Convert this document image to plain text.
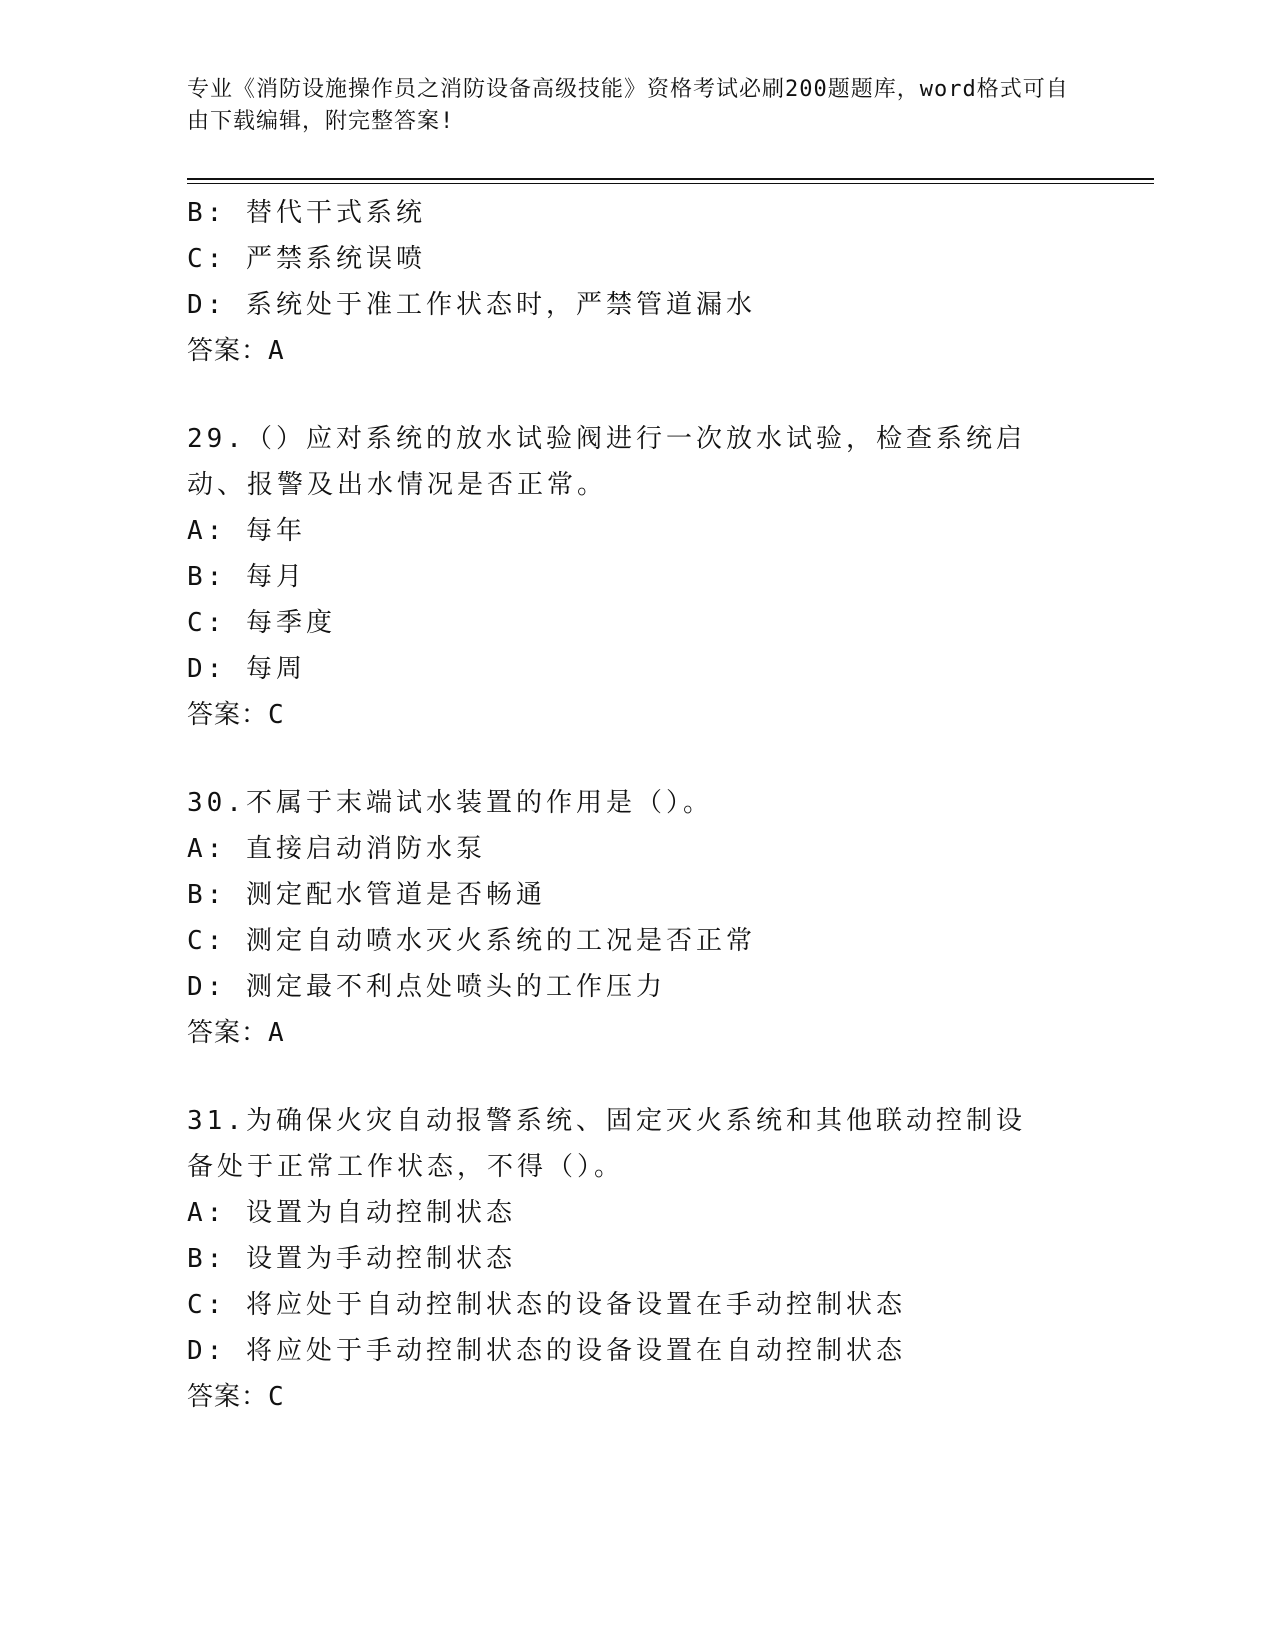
专业《消防设施操作员之消防设备高级技能》资格考试必刷200题题库，word格式可自由下载编辑，附完整答案!
B: 替代干式系统
C: 严禁系统误喷
D: 系统处于准工作状态时，严禁管道漏水
答案：A
29.（）应对系统的放水试验阀进行一次放水试验，检查系统启动、报警及出水情况是否正常。
A: 每年
B: 每月
C: 每季度
D: 每周
答案：C
30.不属于末端试水装置的作用是（）。
A: 直接启动消防水泵
B: 测定配水管道是否畅通
C: 测定自动喷水灭火系统的工况是否正常
D: 测定最不利点处喷头的工作压力
答案：A
31.为确保火灾自动报警系统、固定灭火系统和其他联动控制设备处于正常工作状态，不得（）。
A: 设置为自动控制状态
B: 设置为手动控制状态
C: 将应处于自动控制状态的设备设置在手动控制状态
D: 将应处于手动控制状态的设备设置在自动控制状态
答案：C
